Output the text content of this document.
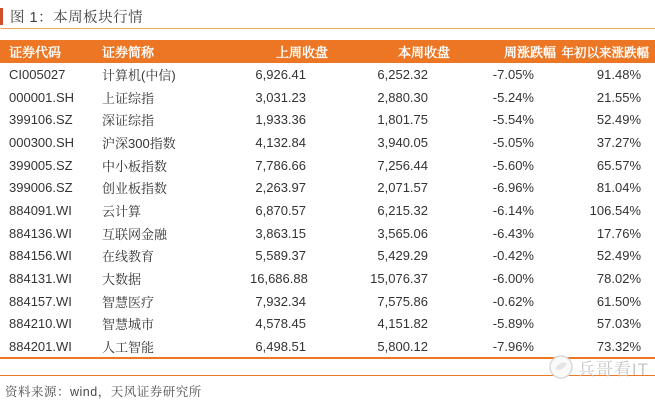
图 1：本周板块行情
证券代码	证券简称	上周收盘	本周收盘	周涨跌幅	年初以来涨跌幅
CI005027	计算机(中信)	6,926.41	6,252.32	-7.05%	91.48%
000001.SH	上证综指	3,031.23	2,880.30	-5.24%	21.55%
399106.SZ	深证综指	1,933.36	1,801.75	-5.54%	52.49%
000300.SH	沪深300指数	4,132.84	3,940.05	-5.05%	37.27%
399005.SZ	中小板指数	7,786.66	7,256.44	-5.60%	65.57%
399006.SZ	创业板指数	2,263.97	2,071.57	-6.96%	81.04%
884091.WI	云计算	6,870.57	6,215.32	-6.14%	106.54%
884136.WI	互联网金融	3,863.15	3,565.06	-6.43%	17.76%
884156.WI	在线教育	5,589.37	5,429.29	-0.42%	52.49%
884131.WI	大数据	16,686.88	15,076.37	-6.00%	78.02%
884157.WI	智慧医疗	7,932.34	7,575.86	-0.62%	61.50%
884210.WI	智慧城市	4,578.45	4,151.82	-5.89%	57.03%
884201.WI	人工智能	6,498.51	5,800.12	-7.96%	73.32%
兵哥看IT
资料来源：wind，天风证券研究所
